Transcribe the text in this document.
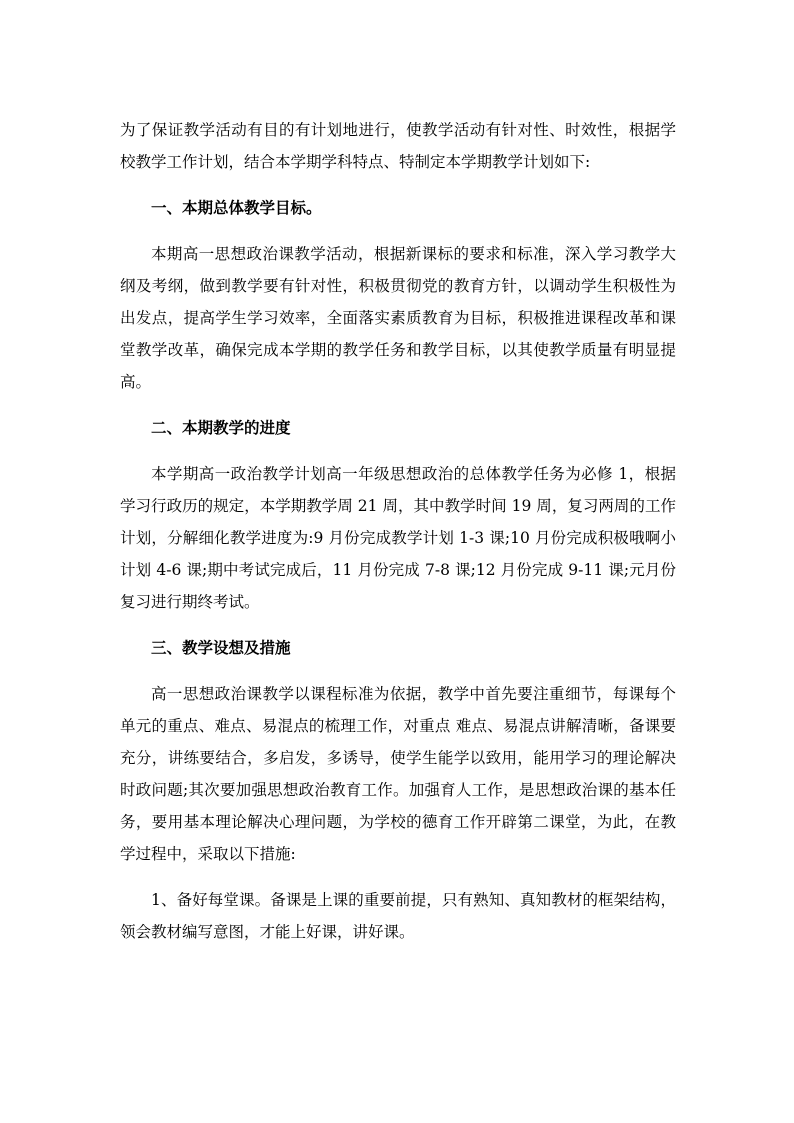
为了保证教学活动有目的有计划地进行，使教学活动有针对性、时效性，根据学校教学工作计划，结合本学期学科特点、特制定本学期教学计划如下:

一、本期总体教学目标。

本期高一思想政治课教学活动，根据新课标的要求和标准，深入学习教学大纲及考纲，做到教学要有针对性，积极贯彻党的教育方针，以调动学生积极性为出发点，提高学生学习效率，全面落实素质教育为目标，积极推进课程改革和课堂教学改革，确保完成本学期的教学任务和教学目标，以其使教学质量有明显提高。

二、本期教学的进度

本学期高一政治教学计划高一年级思想政治的总体教学任务为必修 1，根据学习行政历的规定，本学期教学周 21 周，其中教学时间 19 周，复习两周的工作计划，分解细化教学进度为:9 月份完成教学计划 1-3 课;10 月份完成积极哦啊小计划 4-6 课;期中考试完成后，11 月份完成 7-8 课;12 月份完成 9-11 课;元月份复习进行期终考试。

三、教学设想及措施

高一思想政治课教学以课程标准为依据，教学中首先要注重细节，每课每个单元的重点、难点、易混点的梳理工作，对重点 难点、易混点讲解清晰，备课要充分，讲练要结合，多启发，多诱导，使学生能学以致用，能用学习的理论解决时政问题;其次要加强思想政治教育工作。加强育人工作，是思想政治课的基本任务，要用基本理论解决心理问题，为学校的德育工作开辟第二课堂，为此，在教学过程中，采取以下措施:

1、备好每堂课。备课是上课的重要前提，只有熟知、真知教材的框架结构，领会教材编写意图，才能上好课，讲好课。
